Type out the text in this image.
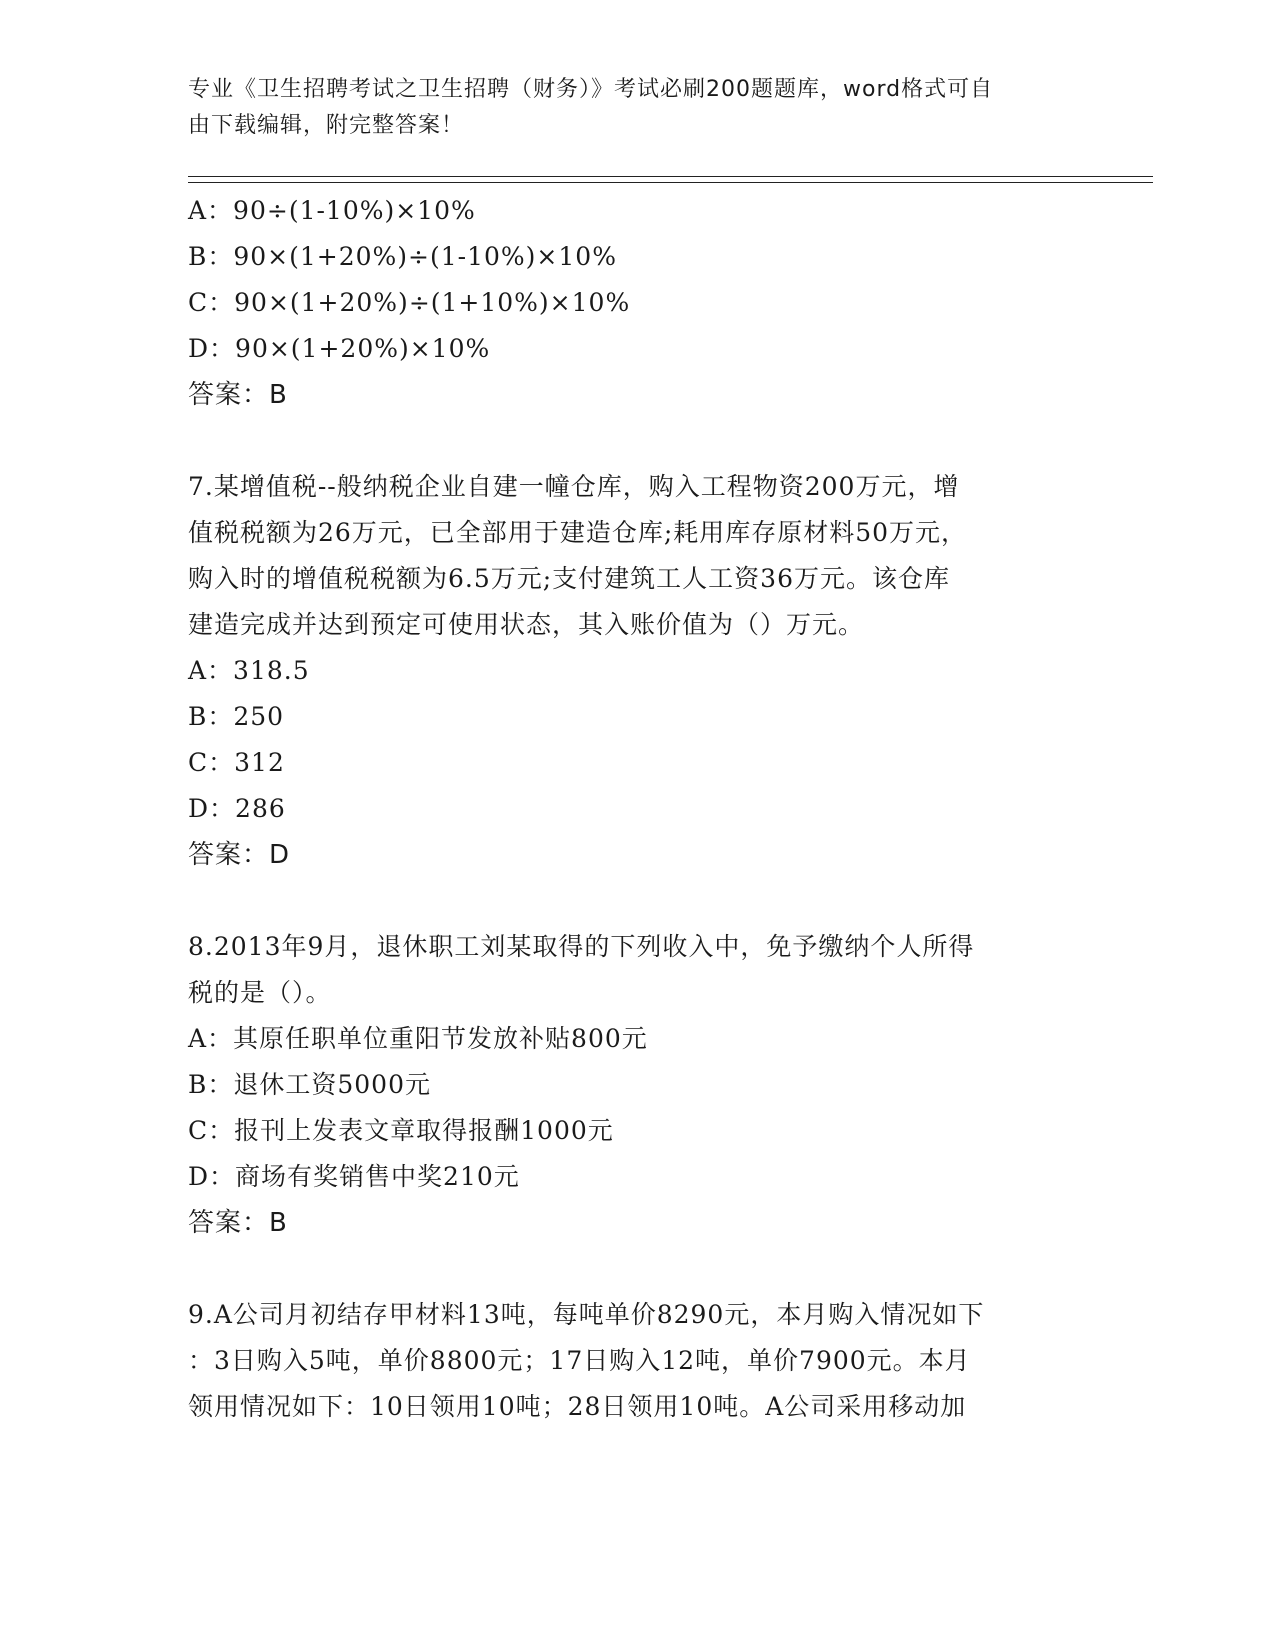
专业《卫生招聘考试之卫生招聘（财务）》考试必刷200题题库，word格式可自
由下载编辑，附完整答案！
A：90÷(1-10%)×10%
B：90×(1+20%)÷(1-10%)×10%
C：90×(1+20%)÷(1+10%)×10%
D：90×(1+20%)×10%
答案：B
7.某增值税--般纳税企业自建一幢仓库，购入工程物资200万元，增
值税税额为26万元，已全部用于建造仓库;耗用库存原材料50万元，
购入时的增值税税额为6.5万元;支付建筑工人工资36万元。该仓库
建造完成并达到预定可使用状态，其入账价值为（）万元。
A：318.5
B：250
C：312
D：286
答案：D
8.2013年9月，退休职工刘某取得的下列收入中，免予缴纳个人所得
税的是（）。
A：其原任职单位重阳节发放补贴800元
B：退休工资5000元
C：报刊上发表文章取得报酬1000元
D：商场有奖销售中奖210元
答案：B
9.A公司月初结存甲材料13吨，每吨单价8290元，本月购入情况如下
：3日购入5吨，单价8800元；17日购入12吨，单价7900元。本月
领用情况如下：10日领用10吨；28日领用10吨。A公司采用移动加
